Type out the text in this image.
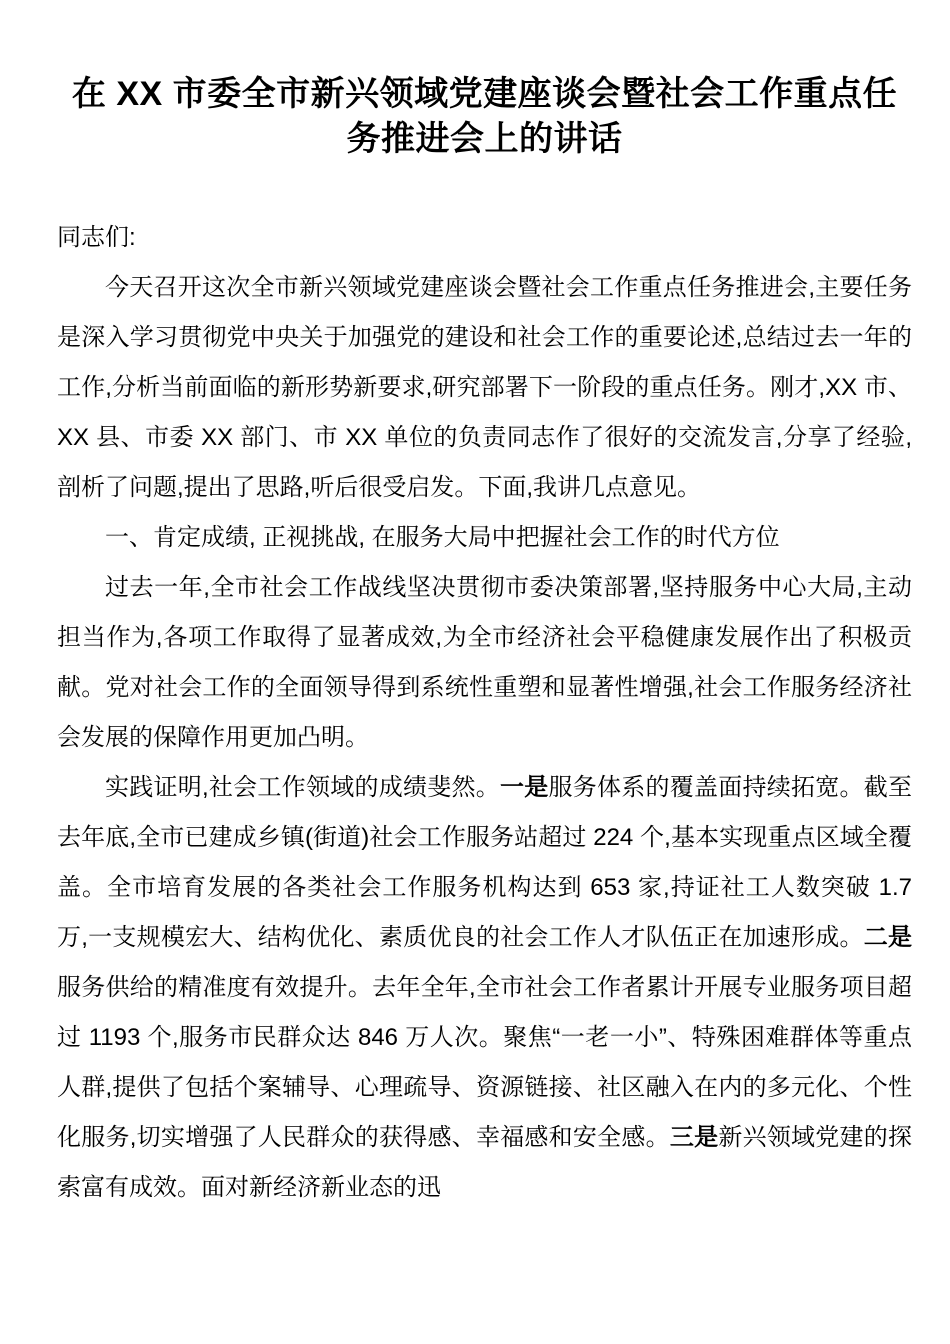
在 XX 市委全市新兴领域党建座谈会暨社会工作重点任务推进会上的讲话

同志们:

今天召开这次全市新兴领域党建座谈会暨社会工作重点任务推进会,主要任务是深入学习贯彻党中央关于加强党的建设和社会工作的重要论述,总结过去一年的工作,分析当前面临的新形势新要求,研究部署下一阶段的重点任务。刚才,XX 市、XX 县、市委 XX 部门、市 XX 单位的负责同志作了很好的交流发言,分享了经验,剖析了问题,提出了思路,听后很受启发。下面,我讲几点意见。

一、肯定成绩, 正视挑战, 在服务大局中把握社会工作的时代方位

过去一年,全市社会工作战线坚决贯彻市委决策部署,坚持服务中心大局,主动担当作为,各项工作取得了显著成效,为全市经济社会平稳健康发展作出了积极贡献。党对社会工作的全面领导得到系统性重塑和显著性增强,社会工作服务经济社会发展的保障作用更加凸明。

实践证明,社会工作领域的成绩斐然。一是服务体系的覆盖面持续拓宽。截至去年底,全市已建成乡镇(街道)社会工作服务站超过 224 个,基本实现重点区域全覆盖。全市培育发展的各类社会工作服务机构达到 653 家,持证社工人数突破 1.7 万,一支规模宏大、结构优化、素质优良的社会工作人才队伍正在加速形成。二是服务供给的精准度有效提升。去年全年,全市社会工作者累计开展专业服务项目超过 1193 个,服务市民群众达 846 万人次。聚焦“一老一小”、特殊困难群体等重点人群,提供了包括个案辅导、心理疏导、资源链接、社区融入在内的多元化、个性化服务,切实增强了人民群众的获得感、幸福感和安全感。三是新兴领域党建的探索富有成效。面对新经济新业态的迅
